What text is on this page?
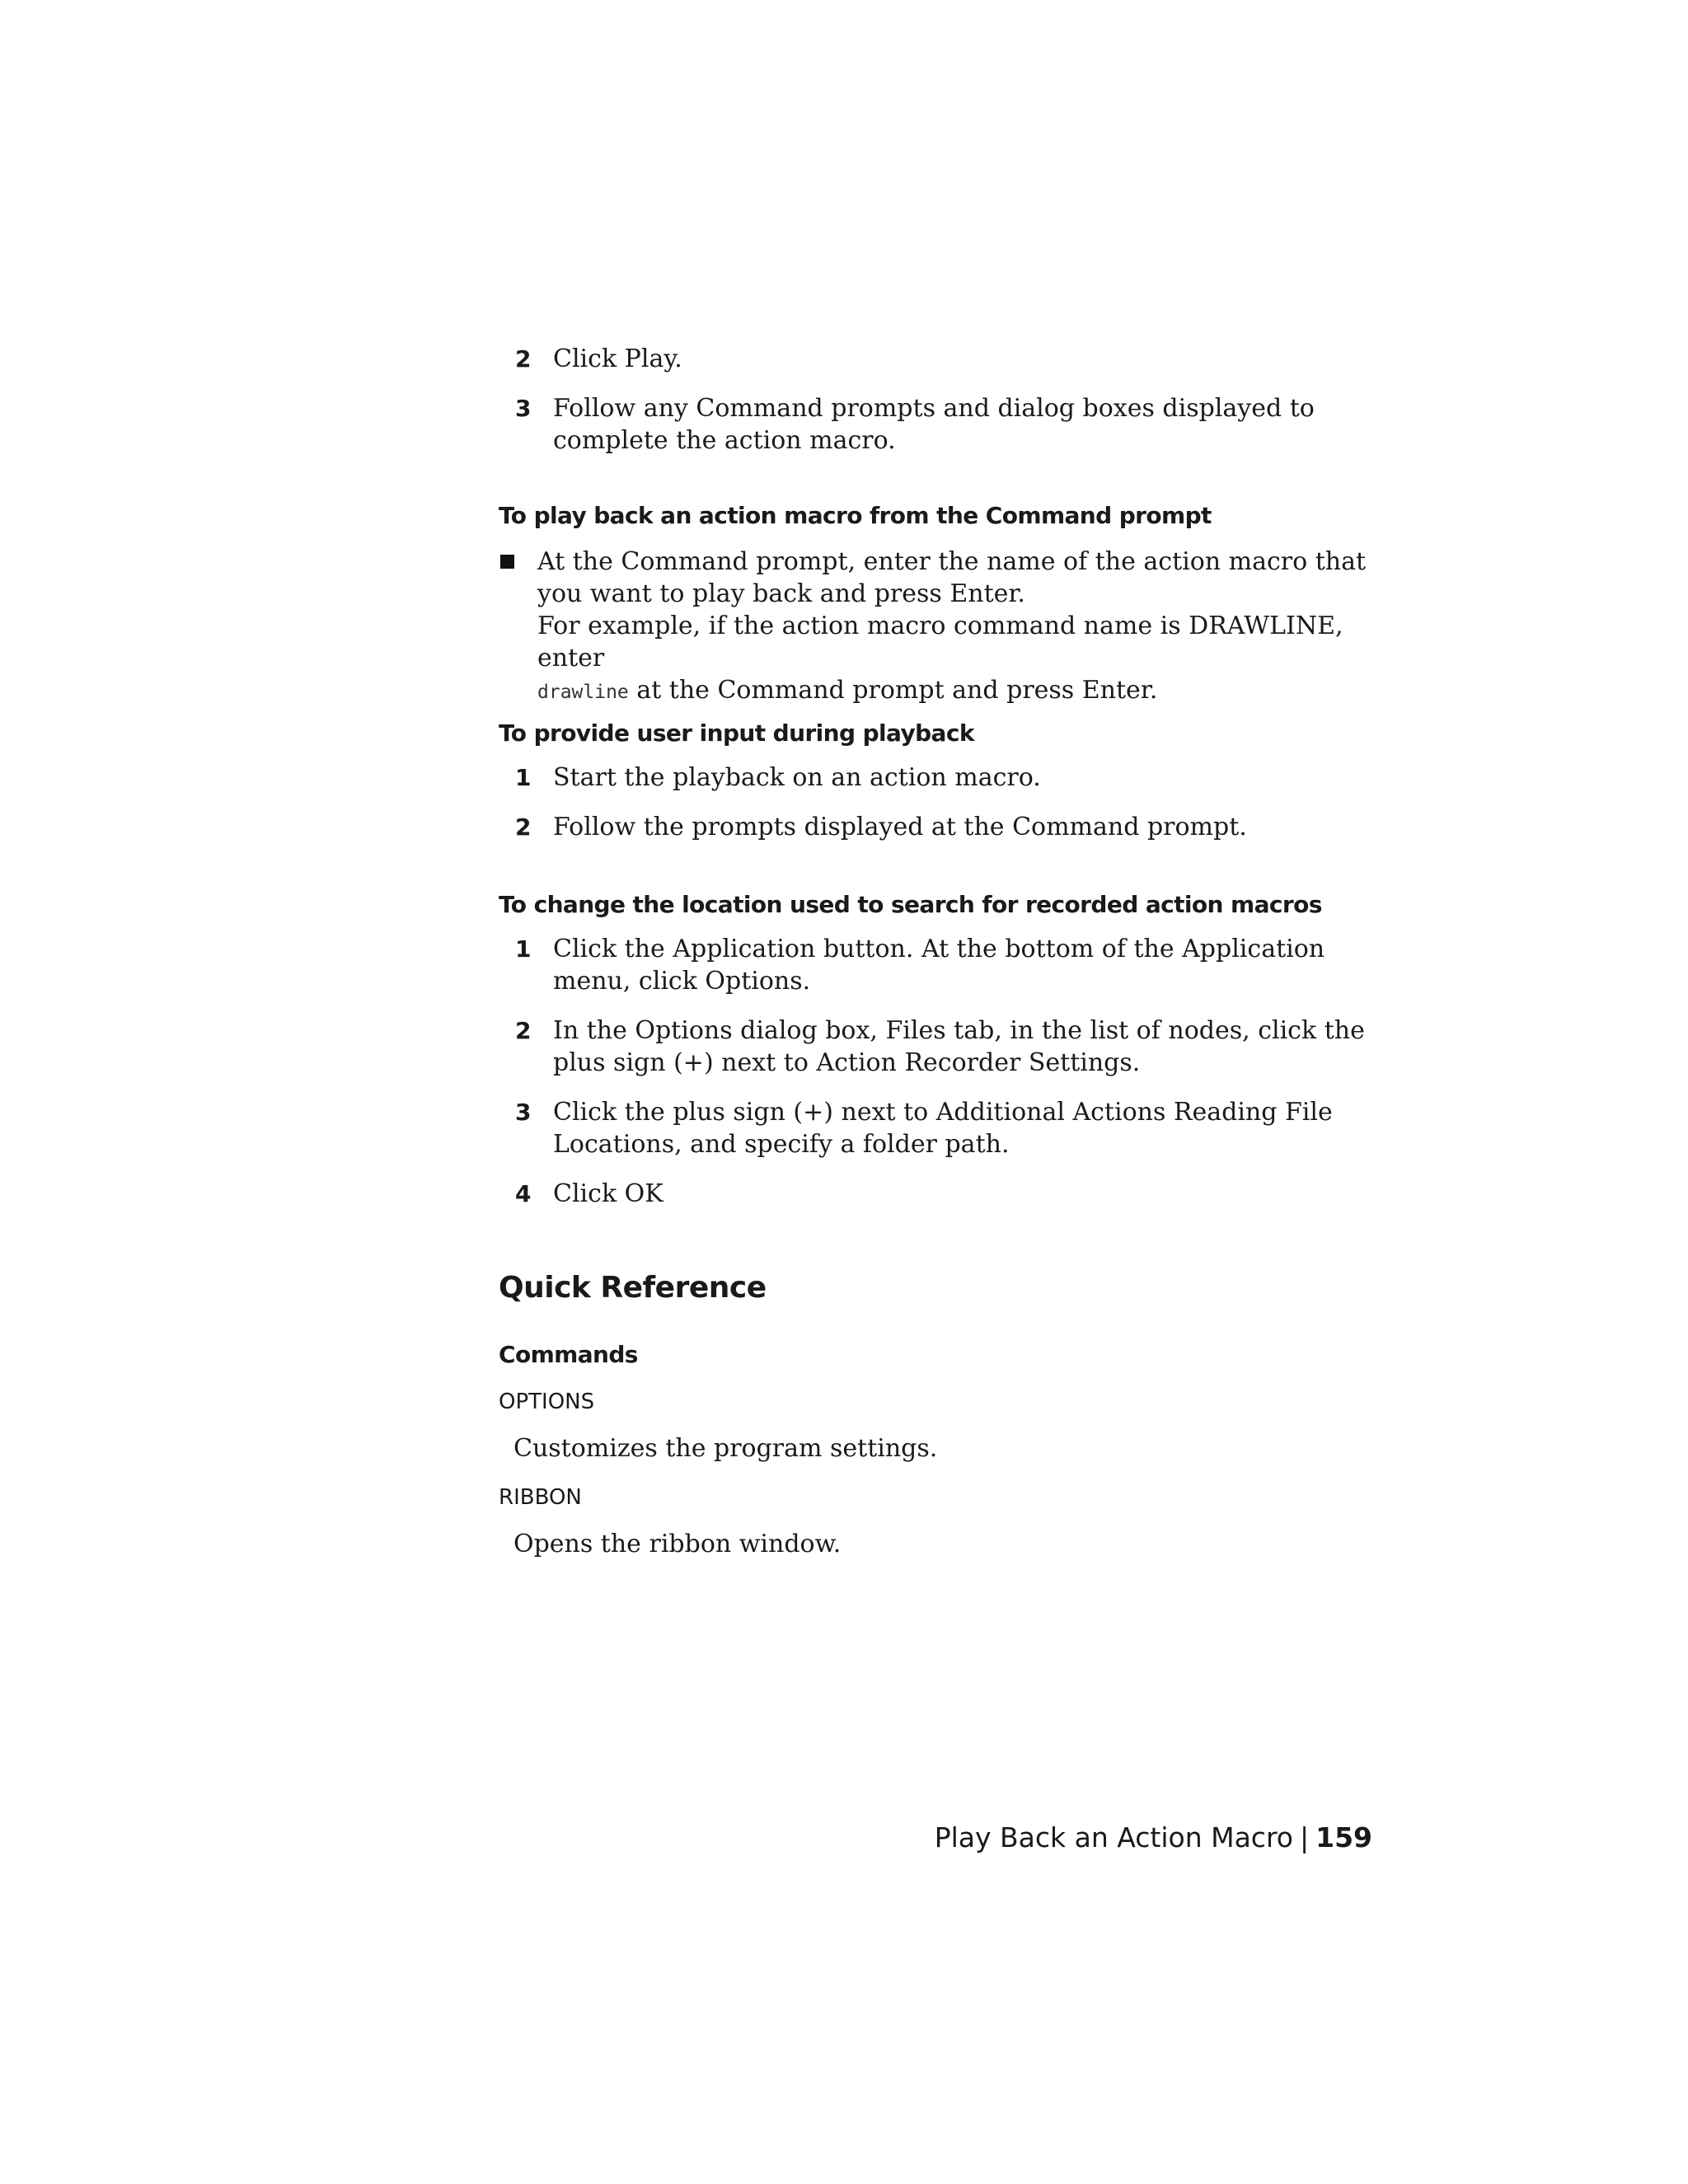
2 Click Play.
3 Follow any Command prompts and dialog boxes displayed to complete the action macro.
To play back an action macro from the Command prompt
At the Command prompt, enter the name of the action macro that you want to play back and press Enter.
For example, if the action macro command name is DRAWLINE, enter
drawline at the Command prompt and press Enter.
To provide user input during playback
1 Start the playback on an action macro.
2 Follow the prompts displayed at the Command prompt.
To change the location used to search for recorded action macros
1 Click the Application button. At the bottom of the Application menu, click Options.
2 In the Options dialog box, Files tab, in the list of nodes, click the plus sign (+) next to Action Recorder Settings.
3 Click the plus sign (+) next to Additional Actions Reading File Locations, and specify a folder path.
4 Click OK
Quick Reference
Commands
OPTIONS
Customizes the program settings.
RIBBON
Opens the ribbon window.
Play Back an Action Macro | 159
